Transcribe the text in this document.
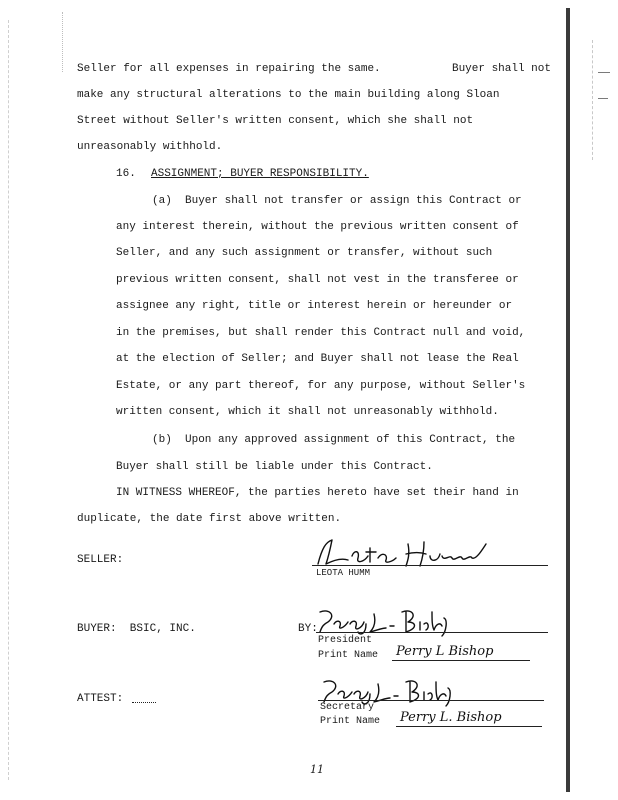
Seller for all expenses in repairing the same.	Buyer shall not
make any structural alterations to the main building along Sloan
Street without Seller's written consent, which she shall not
unreasonably withhold.
16. ASSIGNMENT; BUYER RESPONSIBILITY.
(a)  Buyer shall not transfer or assign this Contract or
any interest therein, without the previous written consent of
Seller, and any such assignment or transfer, without such
previous written consent, shall not vest in the transferee or
assignee any right, title or interest herein or hereunder or
in the premises, but shall render this Contract null and void,
at the election of Seller; and Buyer shall not lease the Real
Estate, or any part thereof, for any purpose, without Seller's
written consent, which it shall not unreasonably withhold.
(b)  Upon any approved assignment of this Contract, the
Buyer shall still be liable under this Contract.
IN WITNESS WHEREOF, the parties hereto have set their hand in
duplicate, the date first above written.
SELLER:
LEOTA HUMM
BUYER:  BSIC, INC.	BY:
President
Print Name Perry L Bishop
ATTEST:
Secretary
Print Name Perry L. Bishop
11
